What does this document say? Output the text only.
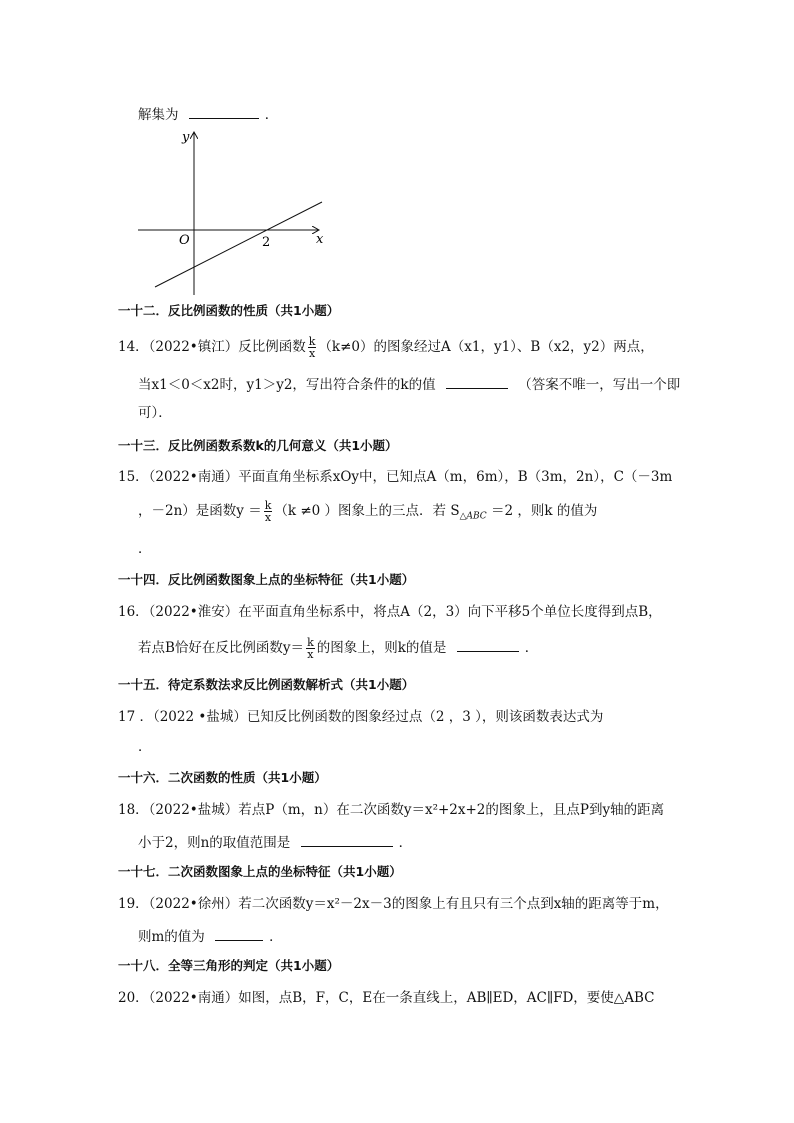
解集为	．
y
x
O	2
一十二．反比例函数的性质（共1小题）
14．（2022•镇江）反比例函数 $\frac{k}{x} (k\ne 0)$的图象经过A（x1，y1）、B（x2，y2）两点，
当x1＜0＜x2时，y1＞y2，写出符合条件的k的值	（答案不唯一，写出一个即
可）．
一十三．反比例函数系数k的几何意义（共1小题）
15．（2022•南通）平面直角坐标系xOy中，已知点A（m，6m），B（3m，2n），C（－3m
，－2n）是函数$y = \frac{k}{x} (k \ne 0$ ）图象上的三点．若 $S_{\triangle ABC} =2$ ，则k 的值为
．
一十四．反比例函数图象上点的坐标特征（共1小题）
16．（2022•淮安）在平面直角坐标系中，将点A（2，3）向下平移5个单位长度得到点B，
若点B恰好在反比例函数$y= \frac{k}{x}$ 的图象上，则k的值是	．
一十五．待定系数法求反比例函数解析式（共1小题）
17 ．（2022 •盐城）已知反比例函数的图象经过点（2 ，3 ），则该函数表达式为
．
一十六．二次函数的性质（共1小题）
18．（2022•盐城）若点P（m，n）在二次函数y＝x²+2x+2的图象上，且点P到y轴的距离
小于2，则n的取值范围是	．
一十七．二次函数图象上点的坐标特征（共1小题）
19．（2022•徐州）若二次函数y＝x²－2x－3的图象上有且只有三个点到x轴的距离等于m，
则m的值为	．
一十八．全等三角形的判定（共1小题）
20．（2022•南通）如图，点B，F，C，E在一条直线上，AB∥ED，AC∥FD，要使△ABC
